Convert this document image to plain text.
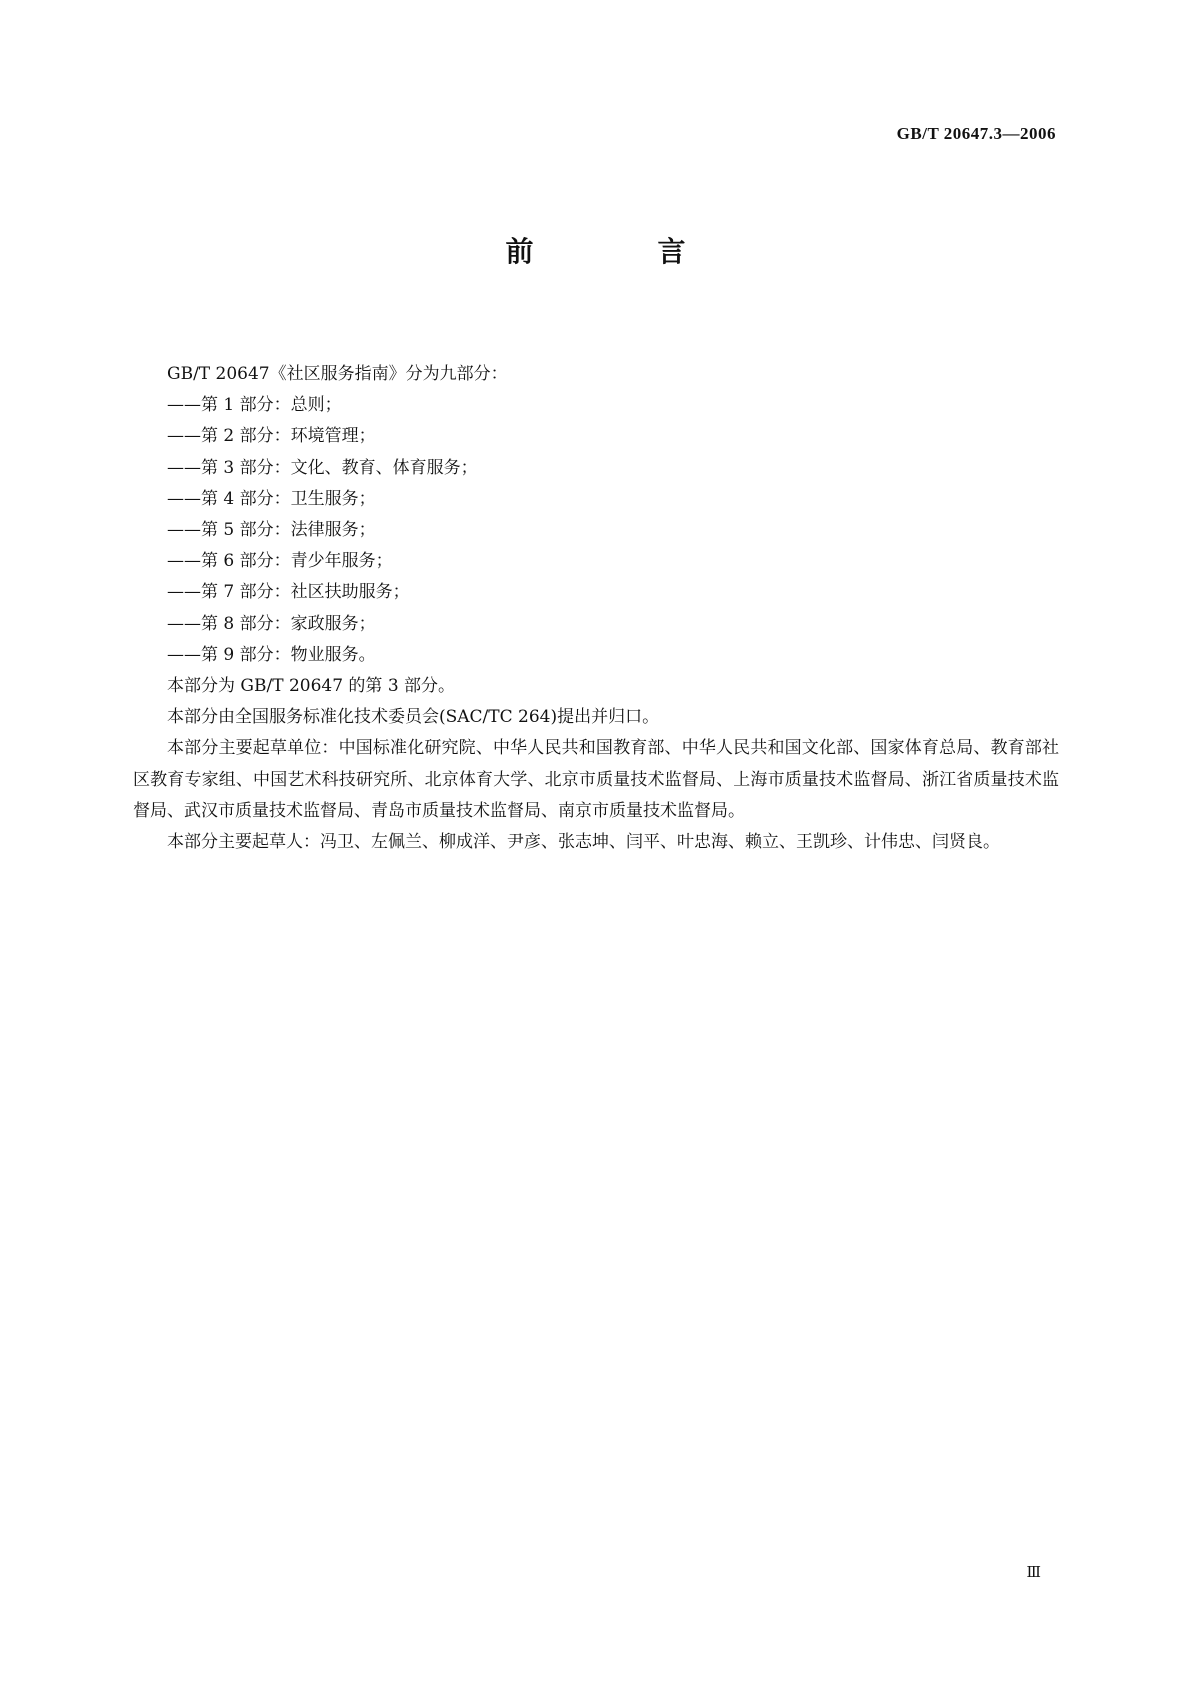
GB/T 20647.3—2006
前　言

GB/T 20647《社区服务指南》分为九部分：

——第 1 部分：总则；

——第 2 部分：环境管理；

——第 3 部分：文化、教育、体育服务；

——第 4 部分：卫生服务；

——第 5 部分：法律服务；

——第 6 部分：青少年服务；

——第 7 部分：社区扶助服务；

——第 8 部分：家政服务；

——第 9 部分：物业服务。

本部分为 GB/T 20647 的第 3 部分。

本部分由全国服务标准化技术委员会(SAC/TC 264)提出并归口。

本部分主要起草单位：中国标准化研究院、中华人民共和国教育部、中华人民共和国文化部、国家体育总局、教育部社区教育专家组、中国艺术科技研究所、北京体育大学、北京市质量技术监督局、上海市质量技术监督局、浙江省质量技术监督局、武汉市质量技术监督局、青岛市质量技术监督局、南京市质量技术监督局。

本部分主要起草人：冯卫、左佩兰、柳成洋、尹彦、张志坤、闫平、叶忠海、赖立、王凯珍、计伟忠、闫贤良。

Ⅲ
